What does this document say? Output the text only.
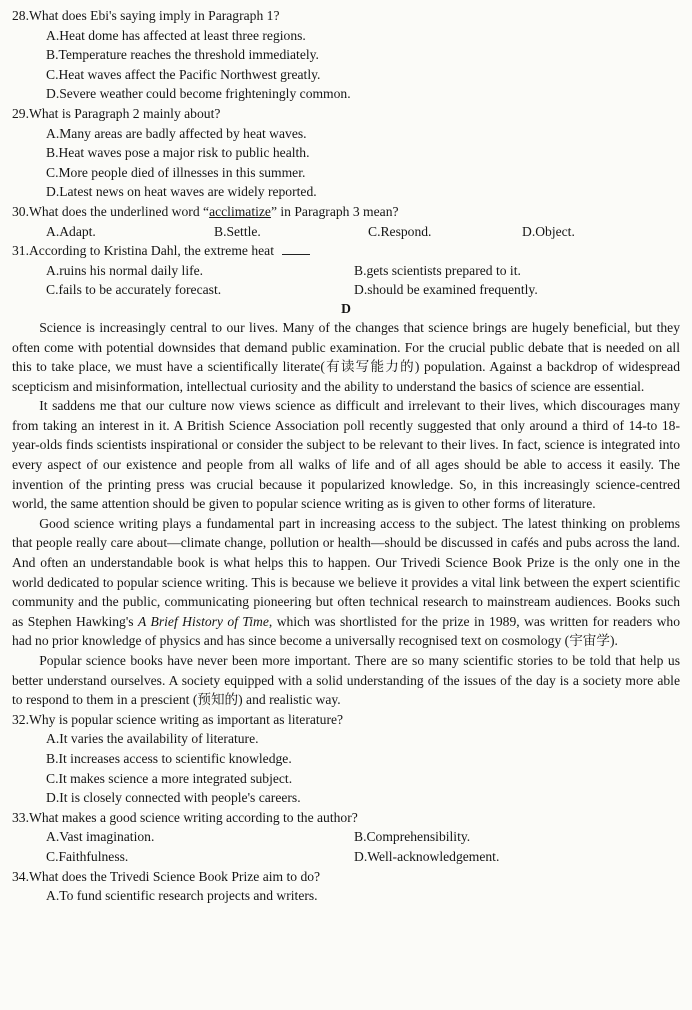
28.What does Ebi's saying imply in Paragraph 1?
A.Heat dome has affected at least three regions.
B.Temperature reaches the threshold immediately.
C.Heat waves affect the Pacific Northwest greatly.
D.Severe weather could become frighteningly common.
29.What is Paragraph 2 mainly about?
A.Many areas are badly affected by heat waves.
B.Heat waves pose a major risk to public health.
C.More people died of illnesses in this summer.
D.Latest news on heat waves are widely reported.
30.What does the underlined word “acclimatize” in Paragraph 3 mean?
A.Adapt.	B.Settle.	C.Respond.	D.Object.
31.According to Kristina Dahl, the extreme heat
A.ruins his normal daily life.	B.gets scientists prepared to it.
C.fails to be accurately forecast.	D.should be examined frequently.
D

Science is increasingly central to our lives. Many of the changes that science brings are hugely beneficial, but they often come with potential downsides that demand public examination. For the crucial public debate that is needed on all this to take place, we must have a scientifically literate(有读写能力的) population. Against a backdrop of widespread scepticism and misinformation, intellectual curiosity and the ability to understand the basics of science are essential.

It saddens me that our culture now views science as difficult and irrelevant to their lives, which discourages many from taking an interest in it. A British Science Association poll recently suggested that only around a third of 14-to 18-year-olds finds scientists inspirational or consider the subject to be relevant to their lives. In fact, science is integrated into every aspect of our existence and people from all walks of life and of all ages should be able to access it easily. The invention of the printing press was crucial because it popularized knowledge. So, in this increasingly science-centred world, the same attention should be given to popular science writing as is given to other forms of literature.

Good science writing plays a fundamental part in increasing access to the subject. The latest thinking on problems that people really care about—climate change, pollution or health—should be discussed in cafés and pubs across the land. And often an understandable book is what helps this to happen. Our Trivedi Science Book Prize is the only one in the world dedicated to popular science writing. This is because we believe it provides a vital link between the expert scientific community and the public, communicating pioneering but often technical research to mainstream audiences. Books such as Stephen Hawking's A Brief History of Time, which was shortlisted for the prize in 1989, was written for readers who had no prior knowledge of physics and has since become a universally recognised text on cosmology (宇宙学).

Popular science books have never been more important. There are so many scientific stories to be told that help us better understand ourselves. A society equipped with a solid understanding of the issues of the day is a society more able to respond to them in a prescient (预知的) and realistic way.

32.Why is popular science writing as important as literature?
A.It varies the availability of literature.
B.It increases access to scientific knowledge.
C.It makes science a more integrated subject.
D.It is closely connected with people's careers.
33.What makes a good science writing according to the author?
A.Vast imagination.	B.Comprehensibility.
C.Faithfulness.	D.Well-acknowledgement.
34.What does the Trivedi Science Book Prize aim to do?
A.To fund scientific research projects and writers.
